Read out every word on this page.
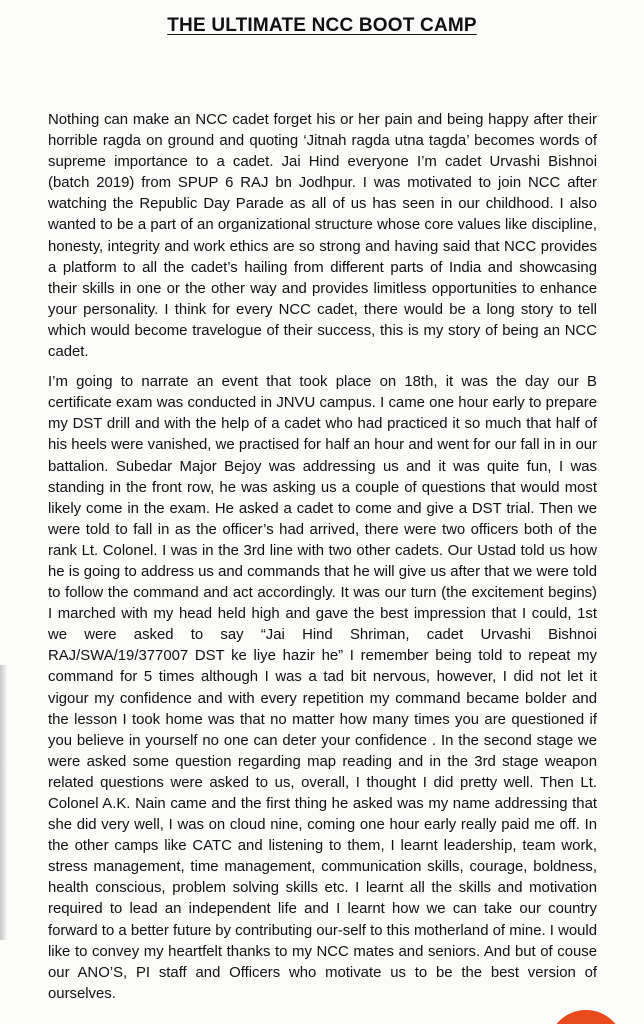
THE ULTIMATE NCC BOOT CAMP

Nothing can make an NCC cadet forget his or her pain and being happy after their horrible ragda on ground and quoting ‘Jitnah ragda utna tagda’ becomes words of supreme importance to a cadet. Jai Hind everyone I’m cadet Urvashi Bishnoi (batch 2019) from SPUP 6 RAJ bn Jodhpur. I was motivated to join NCC after watching the Republic Day Parade as all of us has seen in our childhood. I also wanted to be a part of an organizational structure whose core values like discipline, honesty, integrity and work ethics are so strong and having said that NCC provides a platform to all the cadet’s hailing from different parts of India and showcasing their skills in one or the other way and provides limitless opportunities to enhance your personality. I think for every NCC cadet, there would be a long story to tell which would become travelogue of their success, this is my story of being an NCC cadet.

I’m going to narrate an event that took place on 18th, it was the day our B certificate exam was conducted in JNVU campus. I came one hour early to prepare my DST drill and with the help of a cadet who had practiced it so much that half of his heels were vanished, we practised for half an hour and went for our fall in in our battalion. Subedar Major Bejoy was addressing us and it was quite fun, I was standing in the front row, he was asking us a couple of questions that would most likely come in the exam. He asked a cadet to come and give a DST trial. Then we were told to fall in as the officer’s had arrived, there were two officers both of the rank Lt. Colonel. I was in the 3rd line with two other cadets. Our Ustad told us how he is going to address us and commands that he will give us after that we were told to follow the command and act accordingly. It was our turn (the excitement begins) I marched with my head held high and gave the best impression that I could, 1st we were asked to say “Jai Hind Shriman, cadet Urvashi Bishnoi RAJ/SWA/19/377007 DST ke liye hazir he” I remember being told to repeat my command for 5 times although I was a tad bit nervous, however, I did not let it vigour my confidence and with every repetition my command became bolder and the lesson I took home was that no matter how many times you are questioned if you believe in yourself no one can deter your confidence . In the second stage we were asked some question regarding map reading and in the 3rd stage weapon related questions were asked to us, overall, I thought I did pretty well. Then Lt. Colonel A.K. Nain came and the first thing he asked was my name addressing that she did very well, I was on cloud nine, coming one hour early really paid me off. In the other camps like CATC and listening to them, I learnt leadership, team work, stress management, time management, communication skills, courage, boldness, health conscious, problem solving skills etc. I learnt all the skills and motivation required to lead an independent life and I learnt how we can take our country forward to a better future by contributing our-self to this motherland of mine. I would like to convey my heartfelt thanks to my NCC mates and seniors. And but of couse our ANO’S, PI staff and Officers who motivate us to be the best version of ourselves.
